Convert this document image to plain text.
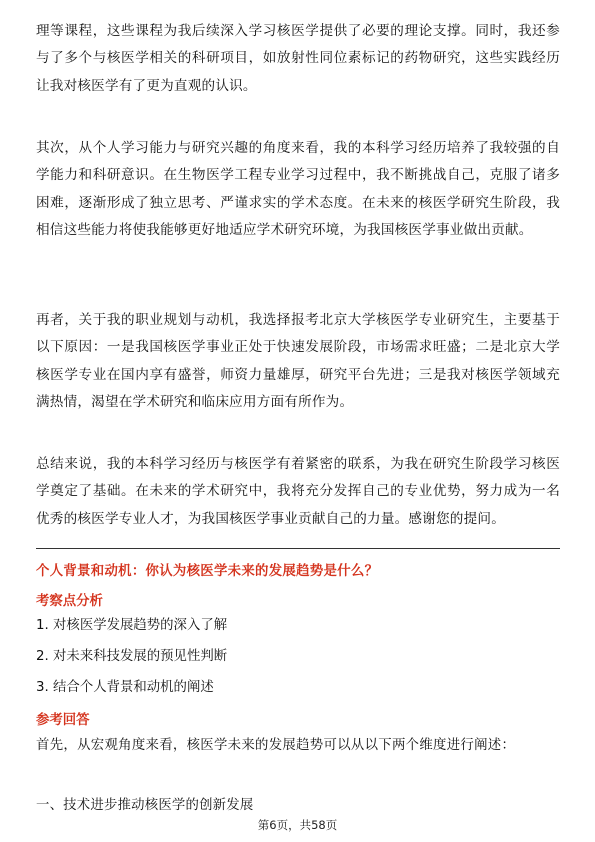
理等课程，这些课程为我后续深入学习核医学提供了必要的理论支撑。同时，我还参与了多个与核医学相关的科研项目，如放射性同位素标记的药物研究，这些实践经历让我对核医学有了更为直观的认识。

其次，从个人学习能力与研究兴趣的角度来看，我的本科学习经历培养了我较强的自学能力和科研意识。在生物医学工程专业学习过程中，我不断挑战自己，克服了诸多困难，逐渐形成了独立思考、严谨求实的学术态度。在未来的核医学研究生阶段，我相信这些能力将使我能够更好地适应学术研究环境，为我国核医学事业做出贡献。

再者，关于我的职业规划与动机，我选择报考北京大学核医学专业研究生，主要基于以下原因：一是我国核医学事业正处于快速发展阶段，市场需求旺盛；二是北京大学核医学专业在国内享有盛誉，师资力量雄厚，研究平台先进；三是我对核医学领域充满热情，渴望在学术研究和临床应用方面有所作为。

总结来说，我的本科学习经历与核医学有着紧密的联系，为我在研究生阶段学习核医学奠定了基础。在未来的学术研究中，我将充分发挥自己的专业优势，努力成为一名优秀的核医学专业人才，为我国核医学事业贡献自己的力量。感谢您的提问。

个人背景和动机：你认为核医学未来的发展趋势是什么？
考察点分析
1. 对核医学发展趋势的深入了解
2. 对未来科技发展的预见性判断
3. 结合个人背景和动机的阐述
参考回答
首先，从宏观角度来看，核医学未来的发展趋势可以从以下两个维度进行阐述：
一、技术进步推动核医学的创新发展
第6页，共58页
